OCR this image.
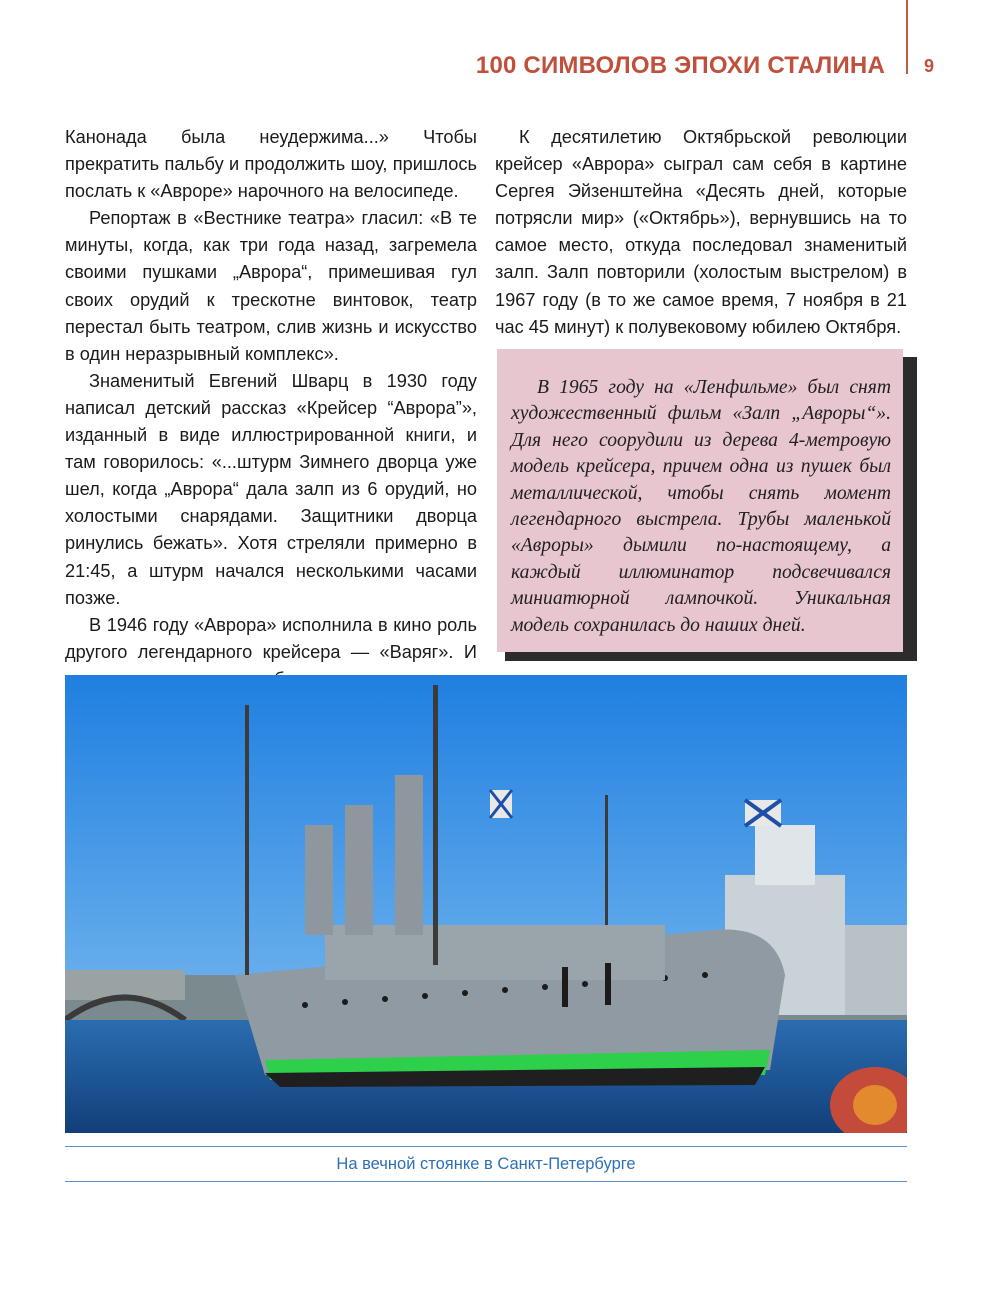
100 СИМВОЛОВ ЭПОХИ СТАЛИНА 9

Канонада была неудержима...» Чтобы прекратить пальбу и продолжить шоу, пришлось послать к «Авроре» нарочного на велосипеде.

Репортаж в «Вестнике театра» гласил: «В те минуты, когда, как три года назад, загремела своими пушками „Аврора“, примешивая гул своих орудий к трескотне винтовок, театр перестал быть театром, слив жизнь и искусство в один неразрывный комплекс».

Знаменитый Евгений Шварц в 1930 году написал детский рассказ «Крейсер “Аврора”», изданный в виде иллюстрированной книги, и там говорилось: «...штурм Зимнего дворца уже шел, когда „Аврора“ дала залп из 6 орудий, но холостыми снарядами. Защитники дворца ринулись бежать». Хотя стреляли примерно в 21:45, а штурм начался несколькими часами позже.

В 1946 году «Аврора» исполнила в кино роль другого легендарного крейсера — «Варяг». И

К десятилетию Октябрьской революции крейсер «Аврора» сыграл сам себя в картине Сергея Эйзенштейна «Десять дней, которые потрясли мир» («Октябрь»), вернувшись на то самое место, откуда последовал знаменитый залп. Залп повторили (холостым выстрелом) в 1967 году (в то же самое время, 7 ноября в 21 час 45 минут) к полувековому юбилею Октября.

В 1965 году на «Ленфильме» был снят художественный фильм «Залп „Авроры“». Для него соорудили из дерева 4-метровую модель крейсера, причем одна из пушек был металлической, чтобы снять момент легендарного выстрела. Трубы маленькой «Авроры» дымили по-настоящему, а каждый иллюминатор подсвечивался миниатюрной лампочкой. Уникальная модель сохранилась до наших дней.

На вечной стоянке в Санкт-Петербурге
